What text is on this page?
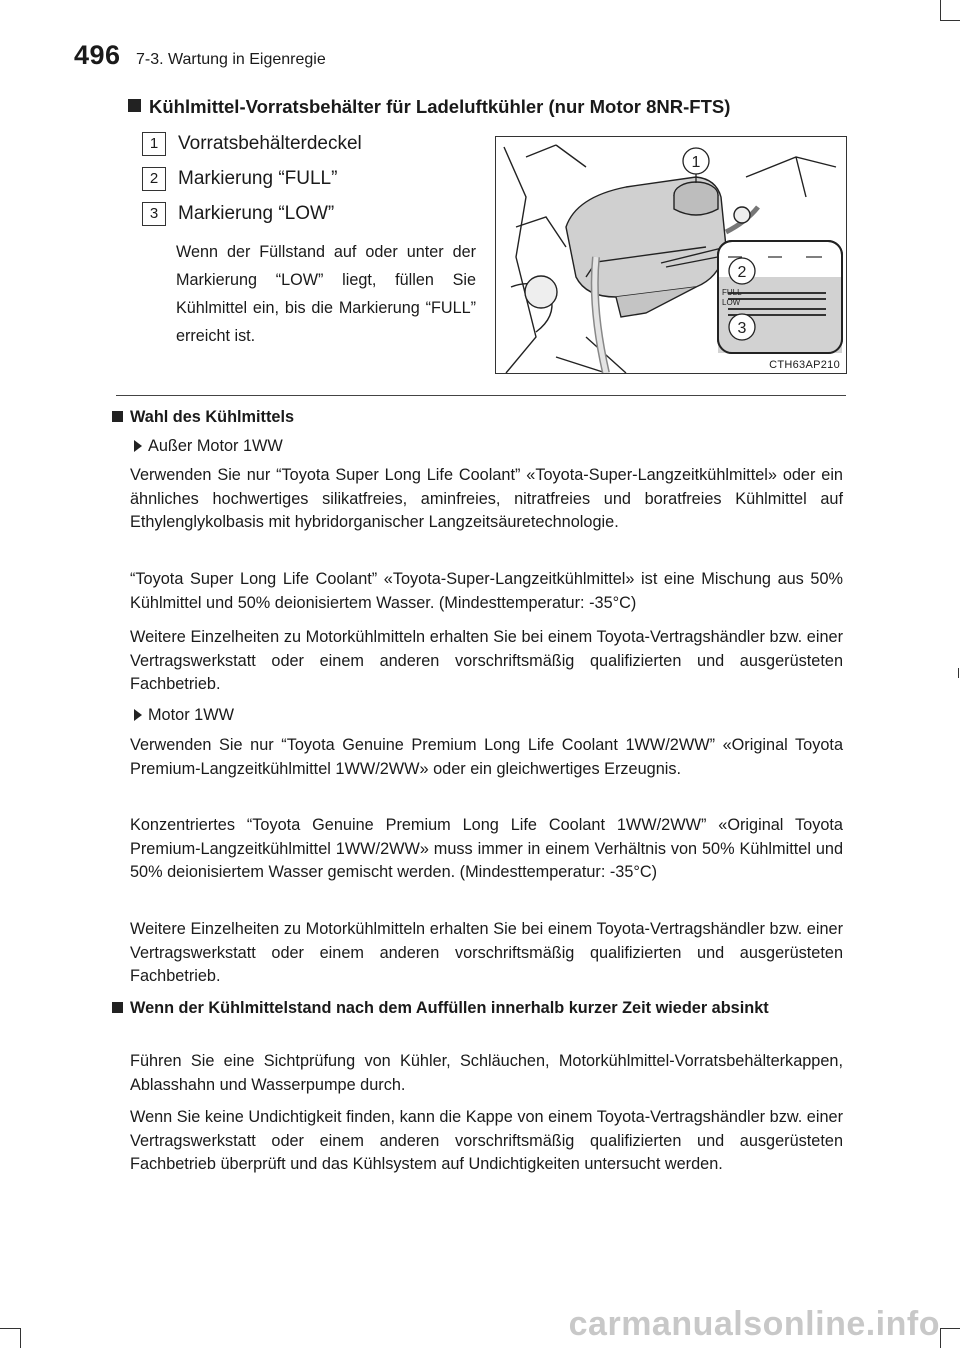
496 7-3. Wartung in Eigenregie
Kühlmittel-Vorratsbehälter für Ladeluftkühler (nur Motor 8NR-FTS)
1 Vorratsbehälterdeckel
2 Markierung “FULL”
3 Markierung “LOW”
Wenn der Füllstand auf oder unter der Markierung “LOW” liegt, füllen Sie Kühlmittel ein, bis die Markierung “FULL” erreicht ist.
FULL
LOW
1
2
3
CTH63AP210
Wahl des Kühlmittels
Außer Motor 1WW
Verwenden Sie nur “Toyota Super Long Life Coolant” «Toyota-Super-Langzeitkühlmittel» oder ein ähnliches hochwertiges silikatfreies, aminfreies, nitratfreies und boratfreies Kühlmittel auf Ethylenglykolbasis mit hybridorganischer Langzeitsäuretechnologie.
“Toyota Super Long Life Coolant” «Toyota-Super-Langzeitkühlmittel» ist eine Mischung aus 50% Kühlmittel und 50% deionisiertem Wasser. (Mindesttemperatur: -35°C)
Weitere Einzelheiten zu Motorkühlmitteln erhalten Sie bei einem Toyota-Vertragshändler bzw. einer Vertragswerkstatt oder einem anderen vorschriftsmäßig qualifizierten und ausgerüsteten Fachbetrieb.
Motor 1WW
Verwenden Sie nur “Toyota Genuine Premium Long Life Coolant 1WW/2WW” «Original Toyota Premium-Langzeitkühlmittel 1WW/2WW» oder ein gleichwertiges Erzeugnis.
Konzentriertes “Toyota Genuine Premium Long Life Coolant 1WW/2WW” «Original Toyota Premium-Langzeitkühlmittel 1WW/2WW» muss immer in einem Verhältnis von 50% Kühlmittel und 50% deionisiertem Wasser gemischt werden. (Mindesttemperatur: -35°C)
Weitere Einzelheiten zu Motorkühlmitteln erhalten Sie bei einem Toyota-Vertragshändler bzw. einer Vertragswerkstatt oder einem anderen vorschriftsmäßig qualifizierten und ausgerüsteten Fachbetrieb.
Wenn der Kühlmittelstand nach dem Auffüllen innerhalb kurzer Zeit wieder absinkt
Führen Sie eine Sichtprüfung von Kühler, Schläuchen, Motorkühlmittel-Vorratsbehälterkappen, Ablasshahn und Wasserpumpe durch.
Wenn Sie keine Undichtigkeit finden, kann die Kappe von einem Toyota-Vertragshändler bzw. einer Vertragswerkstatt oder einem anderen vorschriftsmäßig qualifizierten und ausgerüsteten Fachbetrieb überprüft und das Kühlsystem auf Undichtigkeiten untersucht werden.
carmanualsonline.info
